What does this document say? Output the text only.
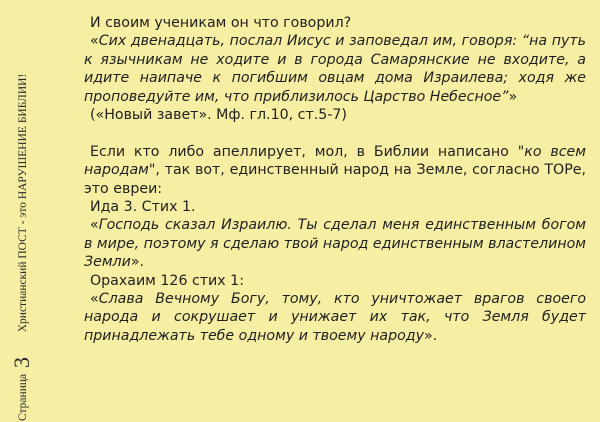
Страница 3  Христианский ПОСТ - это НАРУШЕНИЕ БИБЛИИ!

И своим ученикам он что говорил?

«Сих двенадцать, послал Иисус и заповедал им, говоря: “на путь к язычникам не ходите и в города Самарянские не входите, а идите наипаче к погибшим овцам дома Израилева; ходя же проповедуйте им, что приблизилось Царство Небесное”»

(«Новый завет». Мф. гл.10, ст.5-7)

Если кто либо апеллирует, мол, в Библии написано "ко всем народам", так вот, единственный народ на Земле, согласно ТОРе, это евреи:

Ида 3. Стих 1.

«Господь сказал Израилю. Ты сделал меня единственным богом в мире, поэтому я сделаю твой народ единственным властелином Земли».

Орахаим 126 стих 1:

«Слава Вечному Богу, тому, кто уничтожает врагов своего народа и сокрушает и унижает их так, что Земля будет принадлежать тебе одному и твоему народу».
